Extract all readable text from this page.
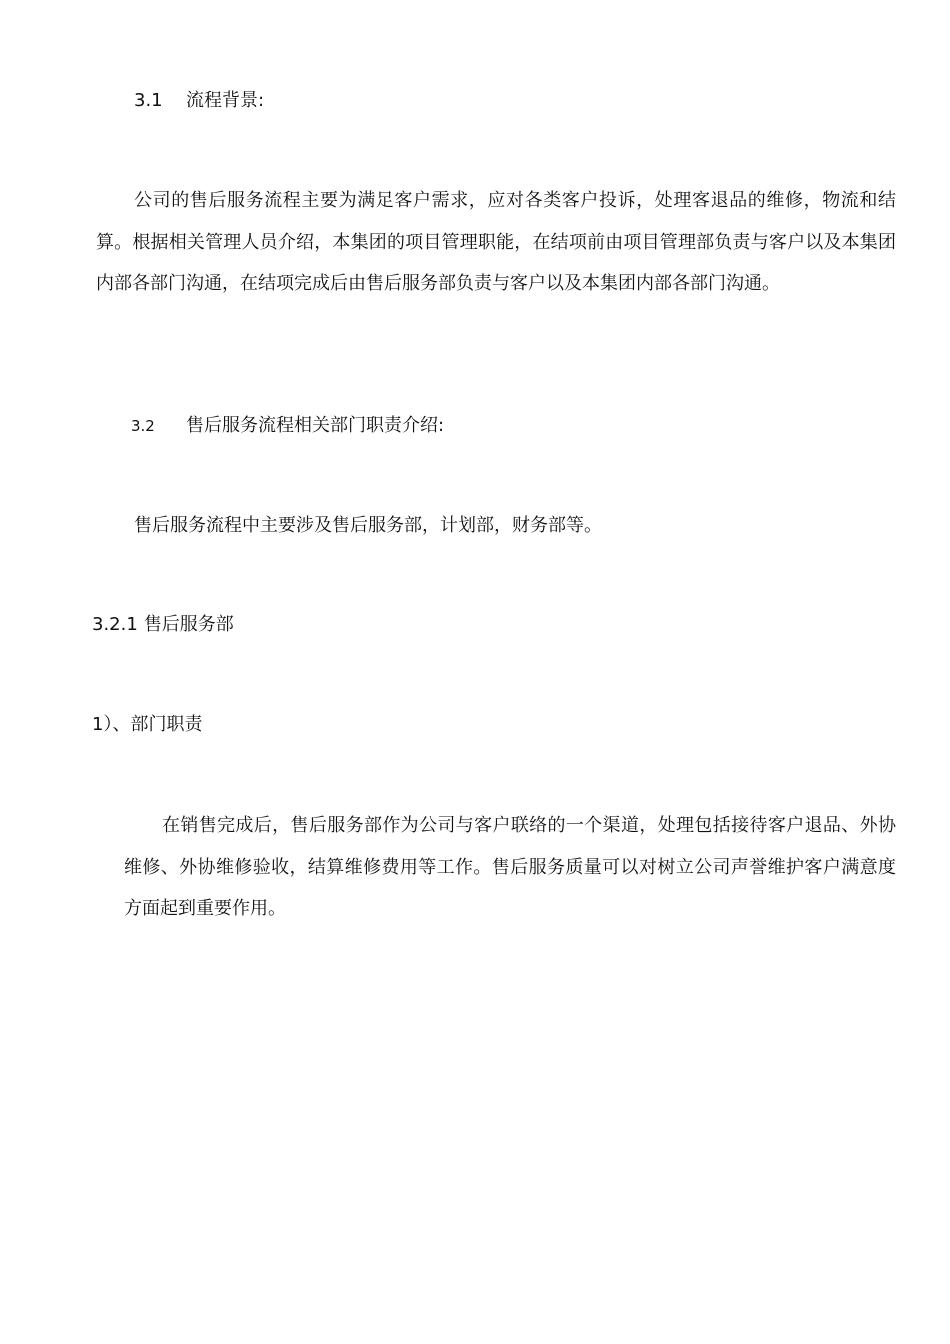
3.1 流程背景:
公司的售后服务流程主要为满足客户需求，应对各类客户投诉，处理客退品的维修，物流和结算。根据相关管理人员介绍，本集团的项目管理职能，在结项前由项目管理部负责与客户以及本集团内部各部门沟通，在结项完成后由售后服务部负责与客户以及本集团内部各部门沟通。
3.2 售后服务流程相关部门职责介绍:
售后服务流程中主要涉及售后服务部，计划部，财务部等。
3.2.1 售后服务部
1）、部门职责
在销售完成后，售后服务部作为公司与客户联络的一个渠道，处理包括接待客户退品、外协维修、外协维修验收，结算维修费用等工作。售后服务质量可以对树立公司声誉维护客户满意度方面起到重要作用。
